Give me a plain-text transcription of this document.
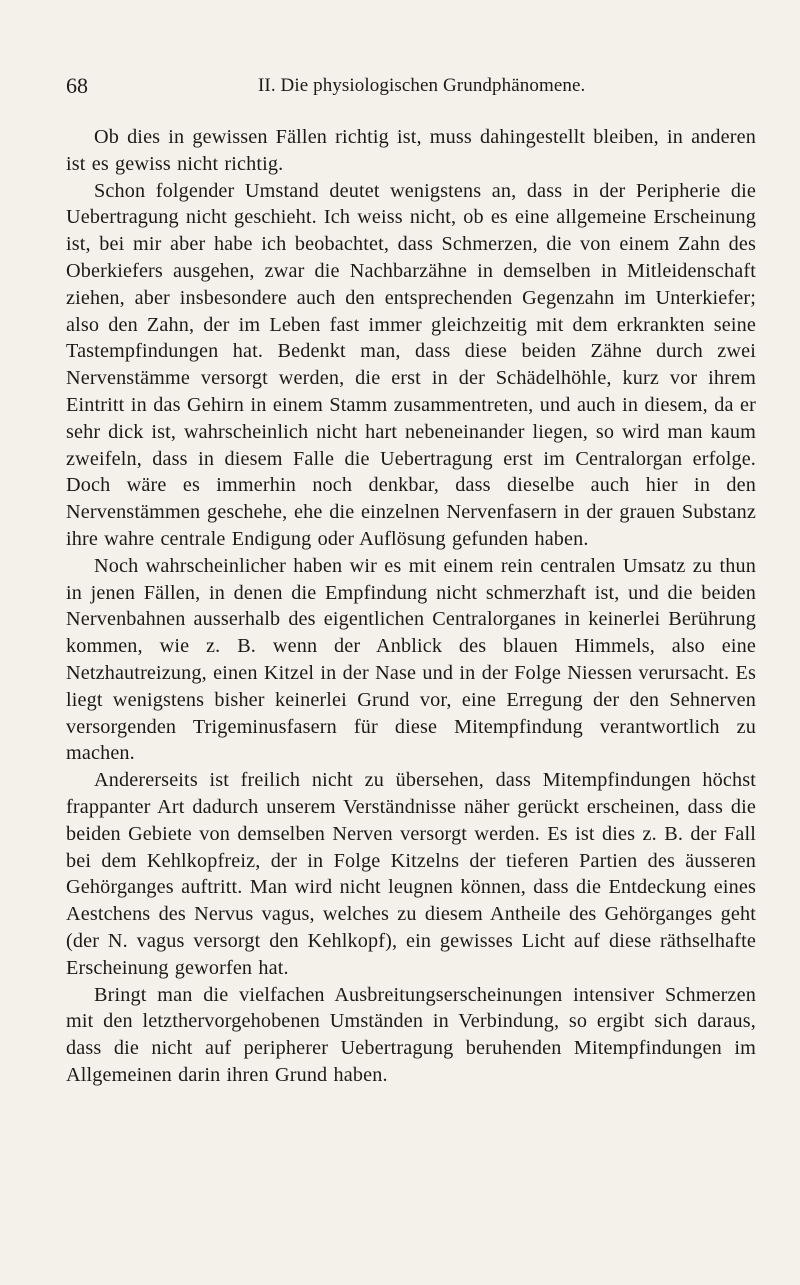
68	II. Die physiologischen Grundphänomene.

Ob dies in gewissen Fällen richtig ist, muss dahingestellt bleiben, in anderen ist es gewiss nicht richtig.

Schon folgender Umstand deutet wenigstens an, dass in der Peripherie die Uebertragung nicht geschieht. Ich weiss nicht, ob es eine allgemeine Erscheinung ist, bei mir aber habe ich beobachtet, dass Schmerzen, die von einem Zahn des Oberkiefers ausgehen, zwar die Nachbarzähne in demselben in Mitleidenschaft ziehen, aber insbesondere auch den entsprechenden Gegenzahn im Unterkiefer; also den Zahn, der im Leben fast immer gleichzeitig mit dem erkrankten seine Tastempfindungen hat. Bedenkt man, dass diese beiden Zähne durch zwei Nervenstämme versorgt werden, die erst in der Schädelhöhle, kurz vor ihrem Eintritt in das Gehirn in einem Stamm zusammentreten, und auch in diesem, da er sehr dick ist, wahrscheinlich nicht hart nebeneinander liegen, so wird man kaum zweifeln, dass in diesem Falle die Uebertragung erst im Centralorgan erfolge. Doch wäre es immerhin noch denkbar, dass dieselbe auch hier in den Nervenstämmen geschehe, ehe die einzelnen Nervenfasern in der grauen Substanz ihre wahre centrale Endigung oder Auflösung gefunden haben.

Noch wahrscheinlicher haben wir es mit einem rein centralen Umsatz zu thun in jenen Fällen, in denen die Empfindung nicht schmerzhaft ist, und die beiden Nervenbahnen ausserhalb des eigentlichen Centralorganes in keinerlei Berührung kommen, wie z. B. wenn der Anblick des blauen Himmels, also eine Netzhautreizung, einen Kitzel in der Nase und in der Folge Niessen verursacht. Es liegt wenigstens bisher keinerlei Grund vor, eine Erregung der den Sehnerven versorgenden Trigeminusfasern für diese Mitempfindung verantwortlich zu machen.

Andererseits ist freilich nicht zu übersehen, dass Mitempfindungen höchst frappanter Art dadurch unserem Verständnisse näher gerückt erscheinen, dass die beiden Gebiete von demselben Nerven versorgt werden. Es ist dies z. B. der Fall bei dem Kehlkopfreiz, der in Folge Kitzelns der tieferen Partien des äusseren Gehörganges auftritt. Man wird nicht leugnen können, dass die Entdeckung eines Aestchens des Nervus vagus, welches zu diesem Antheile des Gehörganges geht (der N. vagus versorgt den Kehlkopf), ein gewisses Licht auf diese räthselhafte Erscheinung geworfen hat.

Bringt man die vielfachen Ausbreitungserscheinungen intensiver Schmerzen mit den letzthervorgehobenen Umständen in Verbindung, so ergibt sich daraus, dass die nicht auf peripherer Uebertragung beruhenden Mitempfindungen im Allgemeinen darin ihren Grund haben.
